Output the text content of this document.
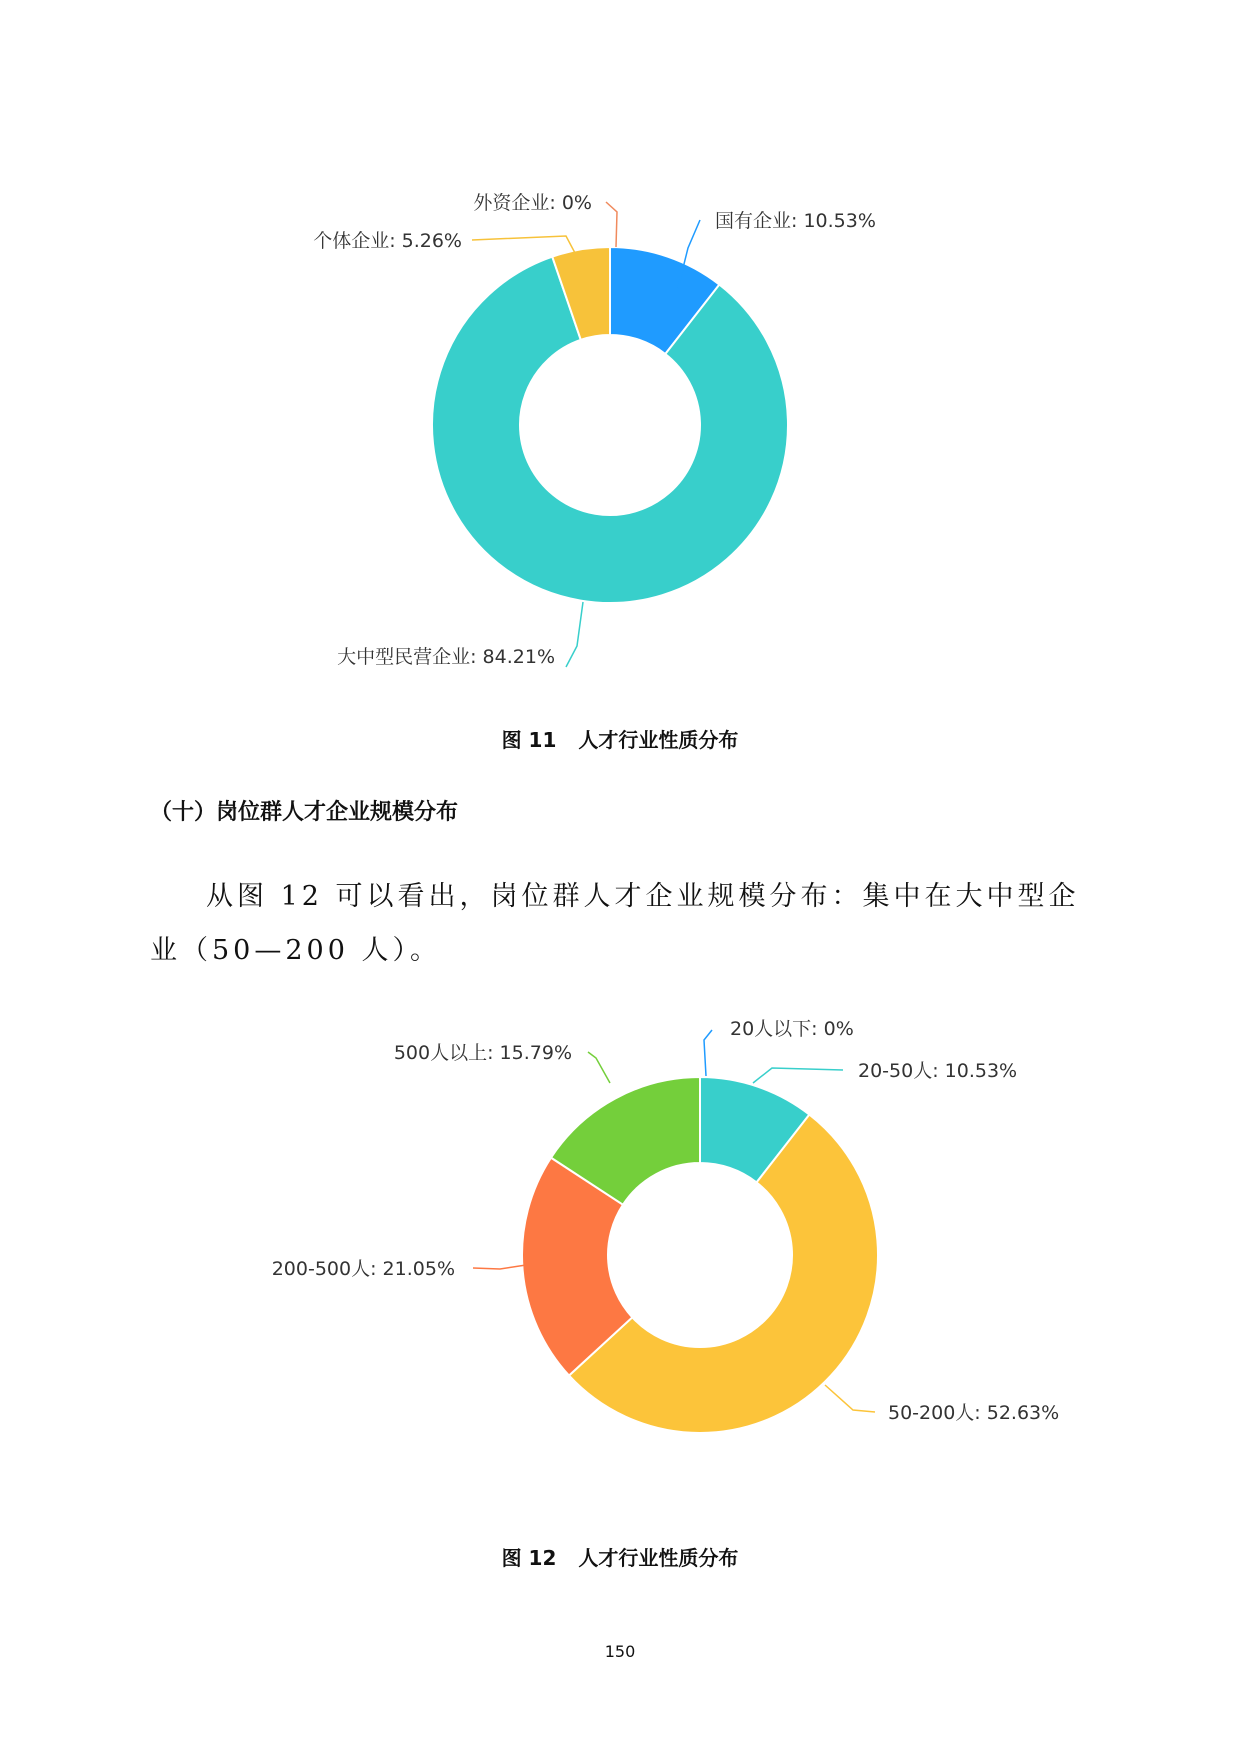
国有企业: 10.53%
大中型民营企业: 84.21%
个体企业: 5.26%
外资企业: 0%
图 11 人才行业性质分布
（十）岗位群人才企业规模分布
从图 12 可以看出，岗位群人才企业规模分布：集中在大中型企业（50—200 人）。
20人以下: 0%
20-50人: 10.53%
50-200人: 52.63%
200-500人: 21.05%
500人以上: 15.79%
图 12 人才行业性质分布
150
